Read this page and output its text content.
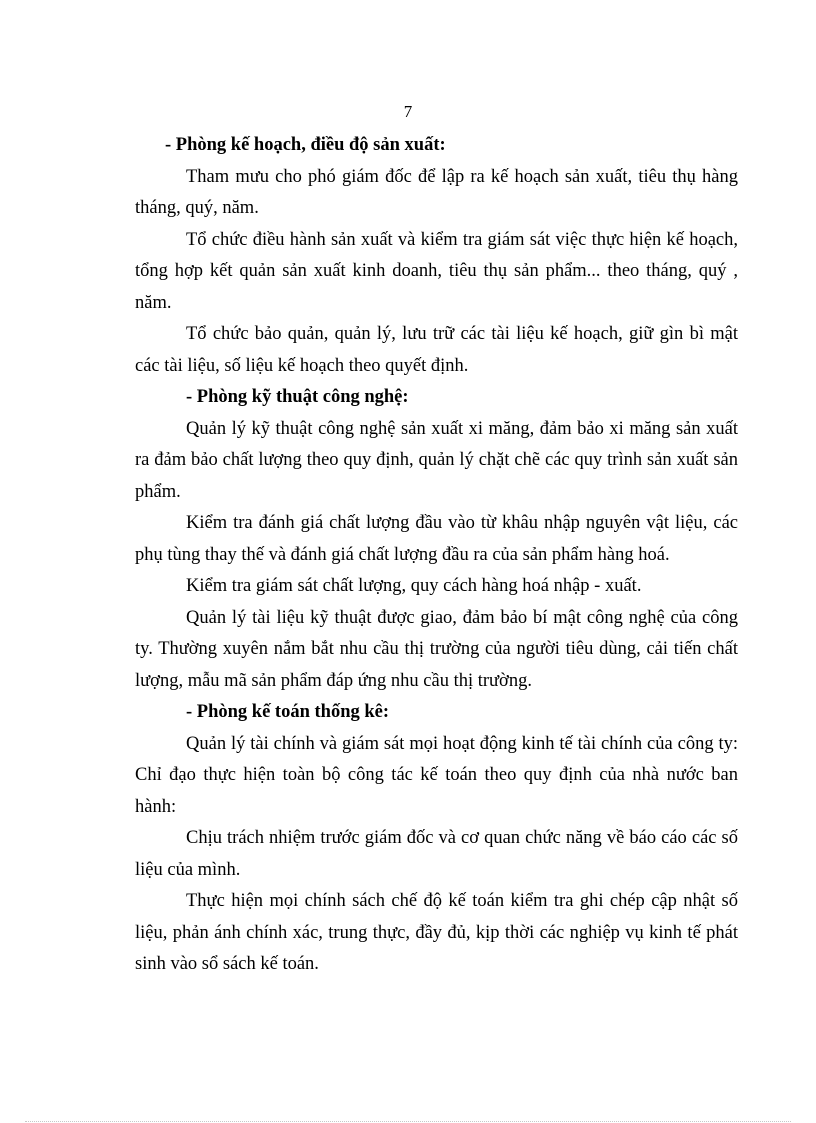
7

- Phòng kế hoạch, điều độ sản xuất:

Tham mưu cho phó giám đốc để lập ra kế hoạch sản xuất, tiêu thụ hàng tháng, quý, năm.

Tổ chức điều hành sản xuất và kiểm tra giám sát việc thực hiện kế hoạch, tổng hợp kết quản sản xuất kinh doanh, tiêu thụ sản phẩm... theo tháng, quý , năm.

Tổ chức bảo quản, quản lý, lưu trữ các tài liệu kế hoạch, giữ gìn bì mật các tài liệu, số liệu kế hoạch theo quyết định.

- Phòng kỹ thuật công nghệ:

Quản lý kỹ thuật công nghệ sản xuất xi măng, đảm bảo xi măng sản xuất ra đảm bảo chất lượng theo quy định, quản lý chặt chẽ các quy trình sản xuất sản phẩm.

Kiểm tra đánh giá chất lượng đầu vào từ khâu nhập nguyên vật liệu, các phụ tùng thay thế và đánh giá chất lượng đầu ra của sản phẩm hàng hoá.

Kiểm tra giám sát chất lượng, quy cách hàng hoá nhập - xuất.

Quản lý tài liệu kỹ thuật được giao, đảm bảo bí mật công nghệ của công ty. Thường xuyên nắm bắt nhu cầu thị trường của người tiêu dùng, cải tiến chất lượng, mẫu mã sản phẩm đáp ứng nhu cầu thị trường.

- Phòng kế toán thống kê:

Quản lý tài chính và giám sát mọi hoạt động kinh tế tài chính của công ty: Chỉ đạo thực hiện toàn bộ công tác kế toán theo quy định của nhà nước ban hành:

Chịu trách nhiệm trước giám đốc và cơ quan chức năng về báo cáo các số liệu của mình.

Thực hiện mọi chính sách chế độ kế toán kiểm tra ghi chép cập nhật số liệu, phản ánh chính xác, trung thực, đầy đủ, kịp thời các nghiệp vụ kinh tế phát sinh vào sổ sách kế toán.
